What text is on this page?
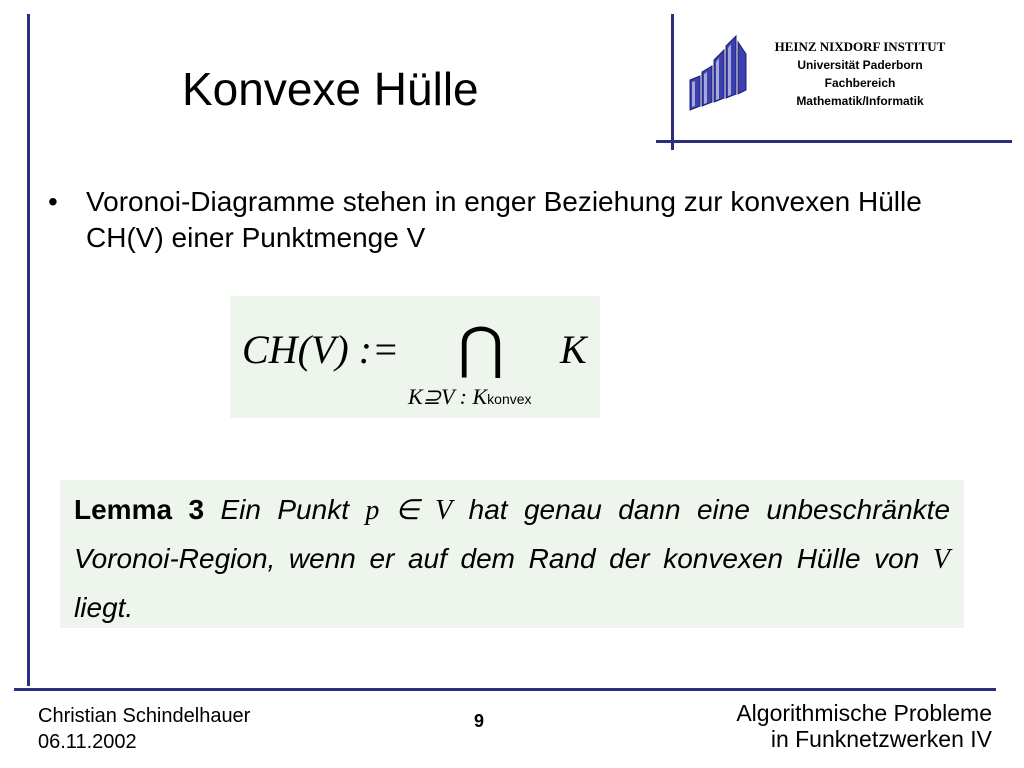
Konvexe Hülle
HEINZ NIXDORF INSTITUT
Universität Paderborn
Fachbereich
Mathematik/Informatik
• Voronoi-Diagramme stehen in enger Beziehung zur konvexen Hülle CH(V) einer Punktmenge V
CH(V) := ⋂ K
K⊇V : Kkonvex

Lemma 3 Ein Punkt p ∈ V hat genau dann eine unbeschränkte Voronoi-Region, wenn er auf dem Rand der konvexen Hülle von V liegt.

Christian Schindelhauer
06.11.2002
9	Algorithmische Probleme
in Funknetzwerken IV
